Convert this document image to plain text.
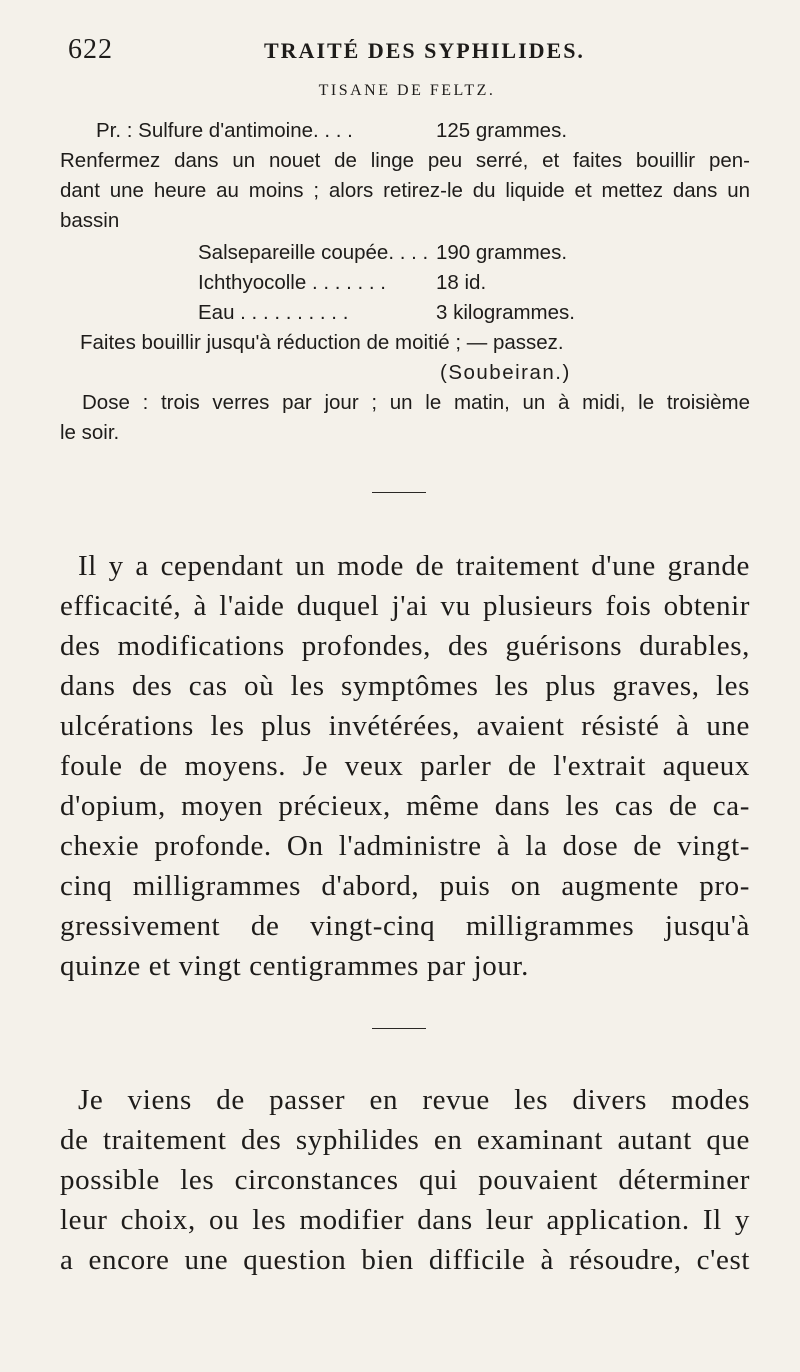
622	TRAITÉ DES SYPHILIDES.
TISANE DE FELTZ.
Pr. : Sulfure d'antimoine. . . .	125 grammes.
Renfermez dans un nouet de linge peu serré, et faites bouillir pen-
dant une heure au moins ; alors retirez-le du liquide et mettez dans un
bassin
Salsepareille coupée. . . . 190 grammes.
Ichthyocolle . . . . . . . 18 id.
Eau . . . . . . . . . .	3 kilogrammes.
Faites bouillir jusqu'à réduction de moitié ; — passez.
(Soubeiran.)
Dose : trois verres par jour ; un le matin, un à midi, le troisième
le soir.
Il y a cependant un mode de traitement d'une grande
efficacité, à l'aide duquel j'ai vu plusieurs fois obtenir
des modifications profondes, des guérisons durables,
dans des cas où les symptômes les plus graves, les
ulcérations les plus invétérées, avaient résisté à une
foule de moyens. Je veux parler de l'extrait aqueux
d'opium, moyen précieux, même dans les cas de ca-
chexie profonde. On l'administre à la dose de vingt-
cinq milligrammes d'abord, puis on augmente pro-
gressivement de vingt-cinq milligrammes jusqu'à
quinze et vingt centigrammes par jour.
Je viens de passer en revue les divers modes
de traitement des syphilides en examinant autant que
possible les circonstances qui pouvaient déterminer
leur choix, ou les modifier dans leur application. Il y
a encore une question bien difficile à résoudre, c'est
